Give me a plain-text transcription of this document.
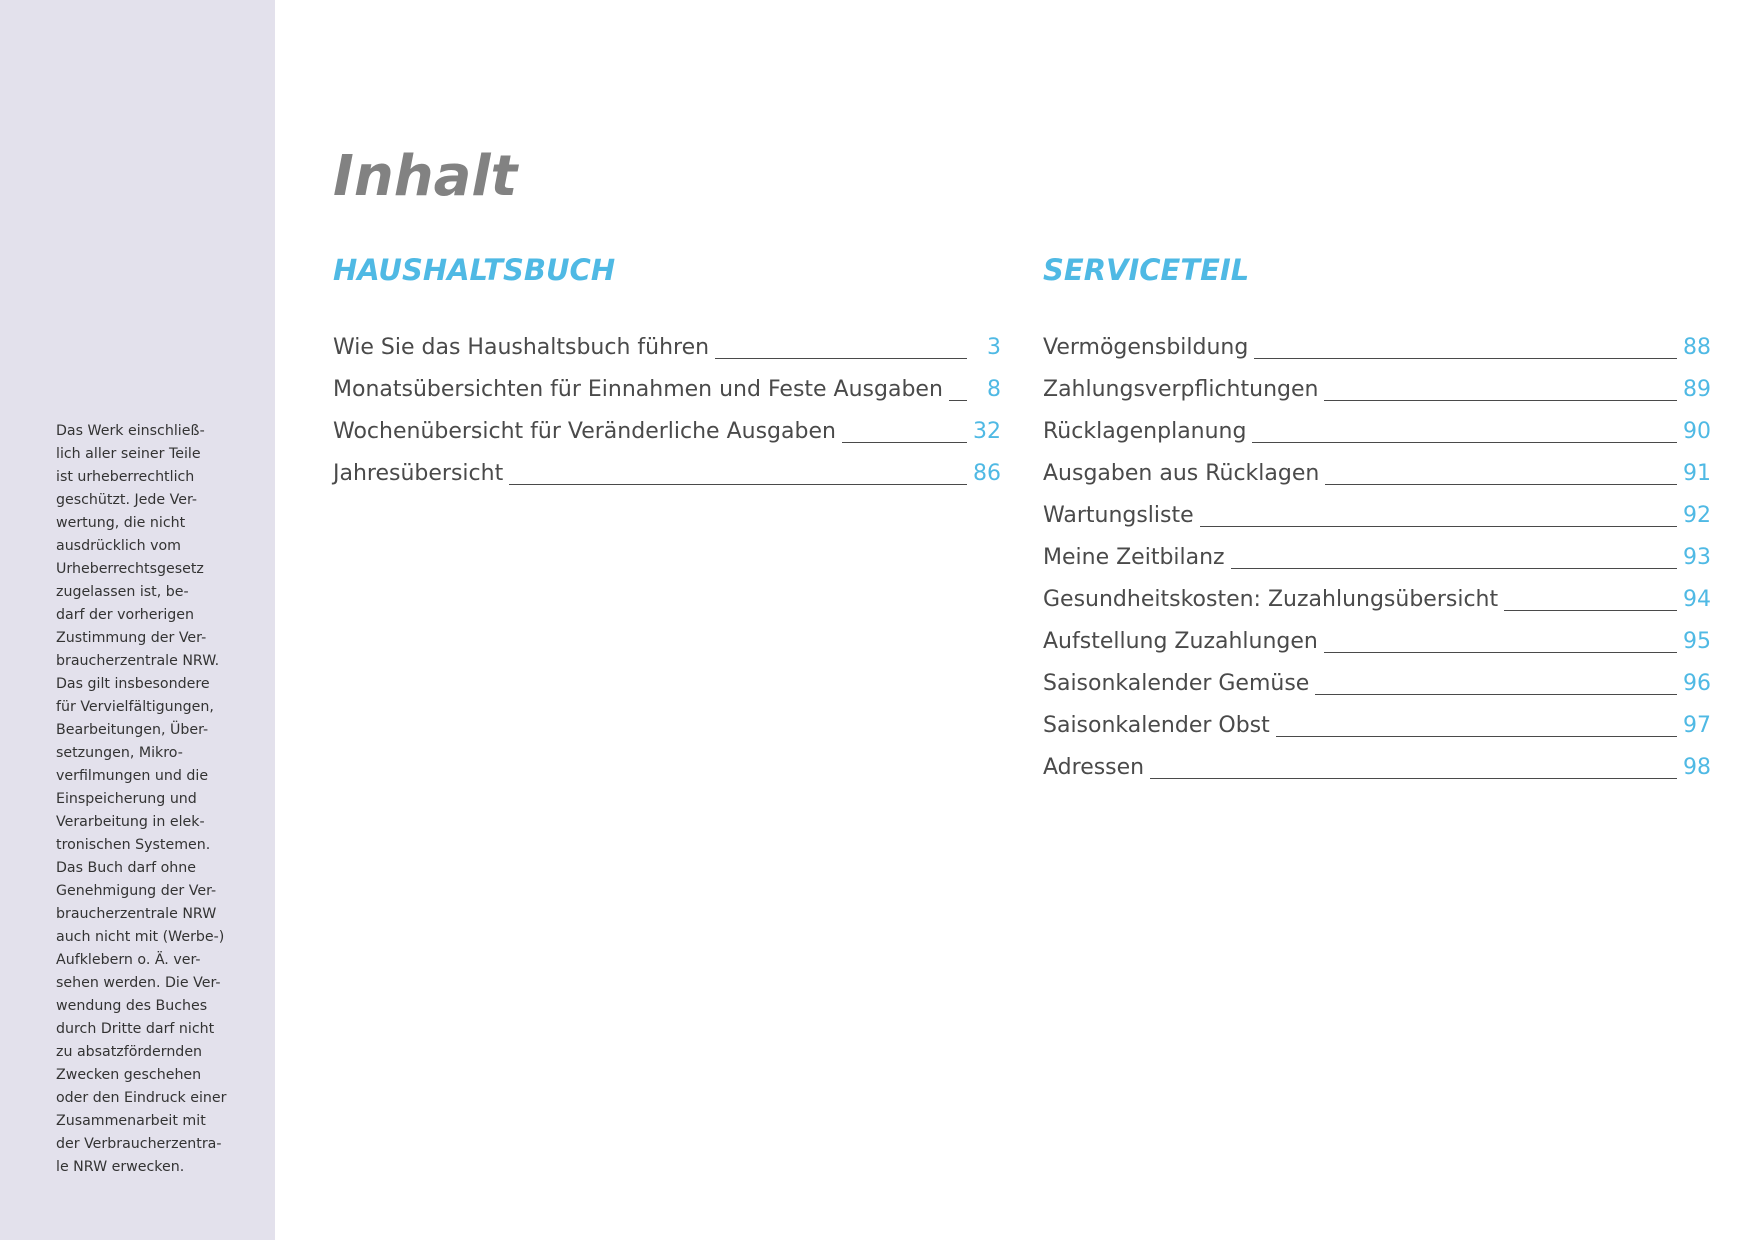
Das Werk einschließ-
lich aller seiner Teile
ist urheberrechtlich
geschützt. Jede Ver-
wertung, die nicht
ausdrücklich vom
Urheberrechtsgesetz
zugelassen ist, be-
darf der vorherigen
Zustimmung der Ver-
braucherzentrale NRW.
Das gilt insbesondere
für Vervielfältigungen,
Bearbeitungen, Über-
setzungen, Mikro-
verfilmungen und die
Einspeicherung und
Verarbeitung in elek-
tronischen Systemen.
Das Buch darf ohne
Genehmigung der Ver-
braucherzentrale NRW
auch nicht mit (Werbe-)
Aufklebern o. Ä. ver-
sehen werden. Die Ver-
wendung des Buches
durch Dritte darf nicht
zu absatzfördernden
Zwecken geschehen
oder den Eindruck einer
Zusammenarbeit mit
der Verbraucherzentra-
le NRW erwecken.
Inhalt
HAUSHALTSBUCH	SERVICETEIL
Wie Sie das Haushaltsbuch führen	3
Monatsübersichten für Einnahmen und Feste Ausgaben	8
Wochenübersicht für Veränderliche Ausgaben	32
Jahresübersicht	86
Vermögensbildung	88
Zahlungsverpflichtungen	89
Rücklagenplanung	90
Ausgaben aus Rücklagen	91
Wartungsliste	92
Meine Zeitbilanz	93
Gesundheitskosten: Zuzahlungsübersicht	94
Aufstellung Zuzahlungen	95
Saisonkalender Gemüse	96
Saisonkalender Obst	97
Adressen	98
